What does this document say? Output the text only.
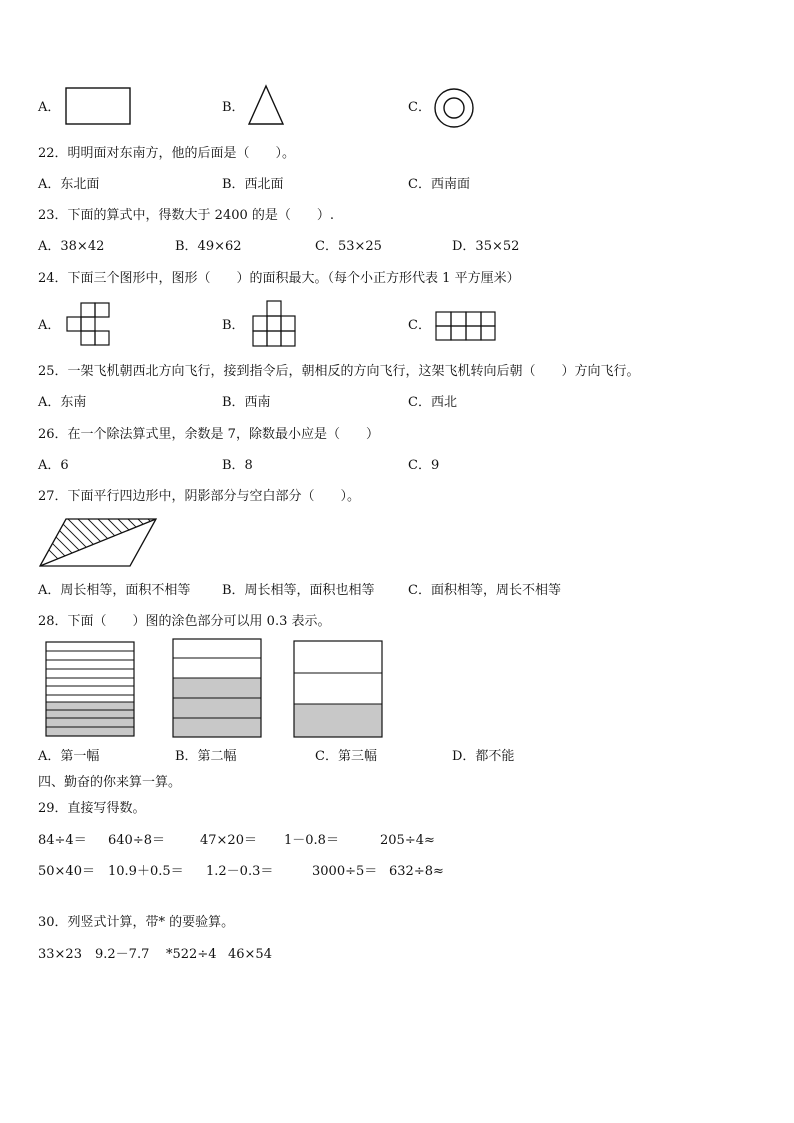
A．	B．	C．
22．明明面对东南方，他的后面是（　　）。
A．东北面	B．西北面	C．西南面
23．下面的算式中，得数大于 2400 的是（　　）.
A．38×42	B．49×62	C．53×25	D．35×52
24．下面三个图形中，图形（　　）的面积最大。（每个小正方形代表 1 平方厘米）
A．	B．	C．
25．一架飞机朝西北方向飞行，接到指令后，朝相反的方向飞行，这架飞机转向后朝（　　）方向飞行。
A．东南	B．西南	C．西北
26．在一个除法算式里，余数是 7，除数最小应是（　　）
A．6	B．8	C．9
27．下面平行四边形中，阴影部分与空白部分（　　）。
A．周长相等，面积不相等 B．周长相等，面积也相等	C．面积相等，周长不相等
28．下面（　　）图的涂色部分可以用 0.3 表示。
A．第一幅	B．第二幅	C．第三幅	D．都不能
四、勤奋的你来算一算。
29．直接写得数。
84÷4＝ 640÷8＝	47×20＝ 1－0.8＝	205÷4≈
50×40＝ 10.9＋0.5＝ 1.2－0.3＝	3000÷5＝ 632÷8≈
30．列竖式计算，带* 的要验算。
33×23 9.2－7.7 *522÷4 46×54
